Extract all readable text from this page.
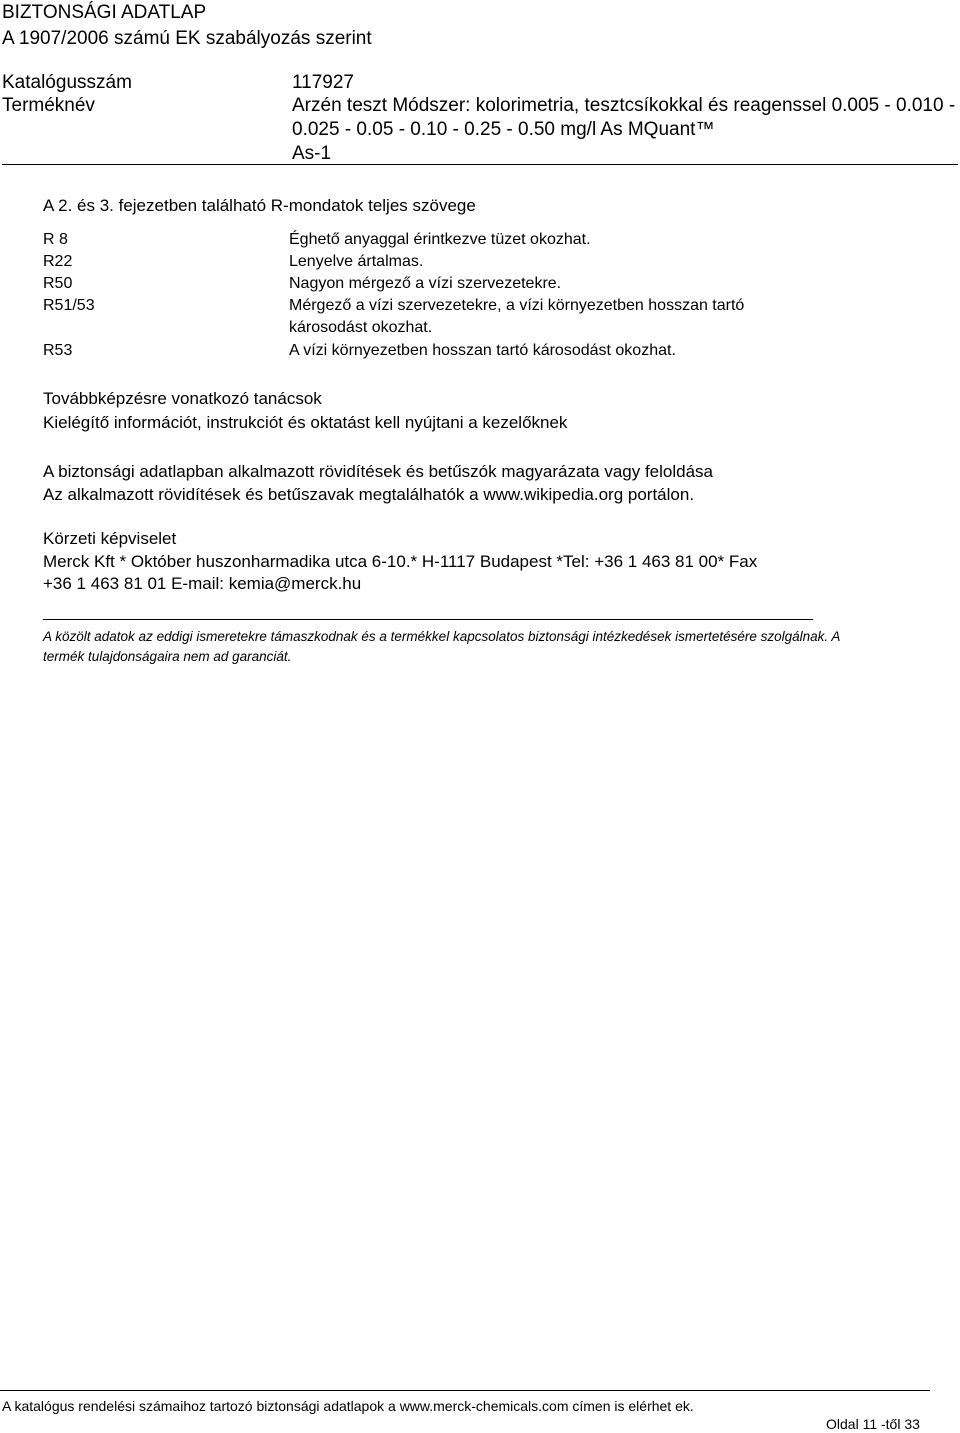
BIZTONSÁGI ADATLAP
A 1907/2006 számú EK szabályozás szerint
Katalógusszám	117927
Terméknév	Arzén teszt Módszer: kolorimetria, tesztcsíkokkal és reagenssel 0.005 - 0.010 -
0.025 - 0.05 - 0.10 - 0.25 - 0.50 mg/l As MQuant™
As-1
A 2. és 3. fejezetben található R-mondatok teljes szövege
R 8	Éghető anyaggal érintkezve tüzet okozhat.
R22	Lenyelve ártalmas.
R50	Nagyon mérgező a vízi szervezetekre.
R51/53	Mérgező a vízi szervezetekre, a vízi környezetben hosszan tartó
károsodást okozhat.
R53	A vízi környezetben hosszan tartó károsodást okozhat.
Továbbképzésre vonatkozó tanácsok
Kielégítő információt, instrukciót és oktatást kell nyújtani a kezelőknek
A biztonsági adatlapban alkalmazott rövidítések és betűszók magyarázata vagy feloldása
Az alkalmazott rövidítések és betűszavak megtalálhatók a www.wikipedia.org portálon.
Körzeti képviselet
Merck Kft * Október huszonharmadika utca 6-10.* H-1117 Budapest *Tel: +36 1 463 81 00* Fax
+36 1 463 81 01 E-mail: kemia@merck.hu
A közölt adatok az eddigi ismeretekre támaszkodnak és a termékkel kapcsolatos biztonsági intézkedések ismertetésére szolgálnak. A
termék tulajdonságaira nem ad garanciát.
A katalógus rendelési számaihoz tartozó biztonsági adatlapok a www.merck-chemicals.com címen is elérhet ek.
Oldal 11 -től 33
